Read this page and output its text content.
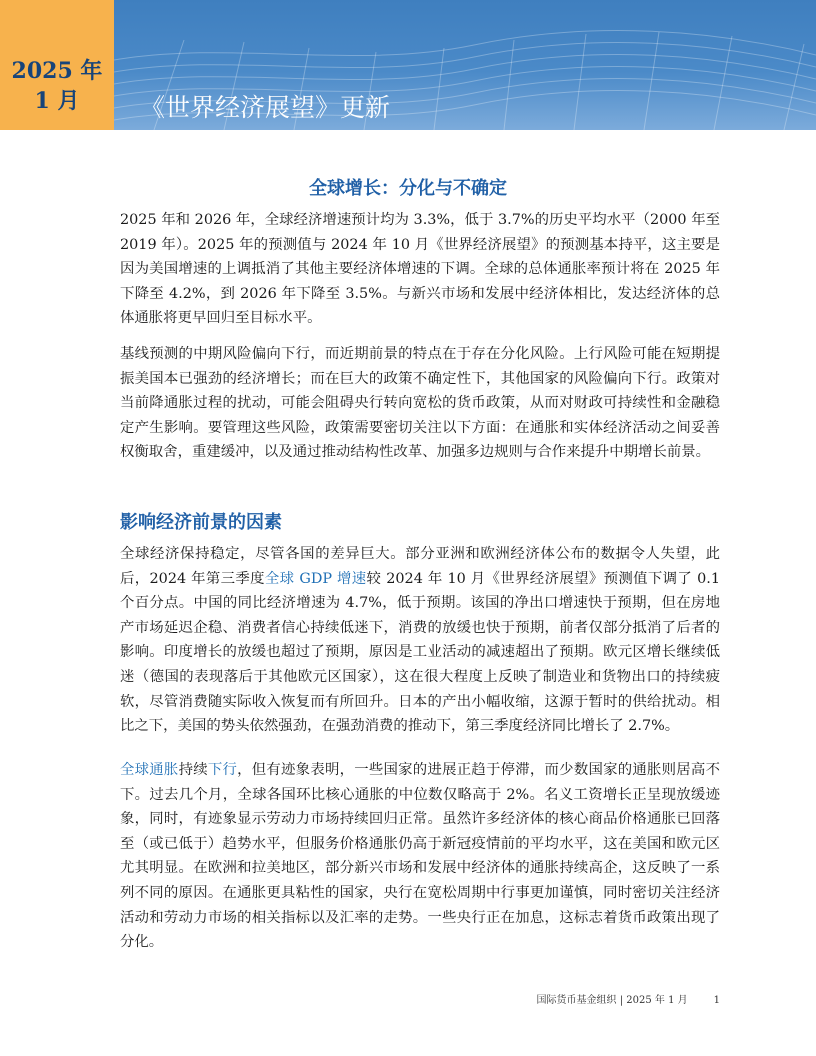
2025 年
1 月	《世界经济展望》更新
全球增长：分化与不确定

2025 年和 2026 年，全球经济增速预计均为 3.3%，低于 3.7%的历史平均水平（2000 年至 2019 年）。2025 年的预测值与 2024 年 10 月《世界经济展望》的预测基本持平，这主要是因为美国增速的上调抵消了其他主要经济体增速的下调。全球的总体通胀率预计将在 2025 年下降至 4.2%，到 2026 年下降至 3.5%。与新兴市场和发展中经济体相比，发达经济体的总体通胀将更早回归至目标水平。

基线预测的中期风险偏向下行，而近期前景的特点在于存在分化风险。上行风险可能在短期提振美国本已强劲的经济增长；而在巨大的政策不确定性下，其他国家的风险偏向下行。政策对当前降通胀过程的扰动，可能会阻碍央行转向宽松的货币政策，从而对财政可持续性和金融稳定产生影响。要管理这些风险，政策需要密切关注以下方面：在通胀和实体经济活动之间妥善权衡取舍，重建缓冲，以及通过推动结构性改革、加强多边规则与合作来提升中期增长前景。

影响经济前景的因素

全球经济保持稳定，尽管各国的差异巨大。部分亚洲和欧洲经济体公布的数据令人失望，此后，2024 年第三季度全球 GDP 增速较 2024 年 10 月《世界经济展望》预测值下调了 0.1 个百分点。中国的同比经济增速为 4.7%，低于预期。该国的净出口增速快于预期，但在房地产市场延迟企稳、消费者信心持续低迷下，消费的放缓也快于预期，前者仅部分抵消了后者的影响。印度增长的放缓也超过了预期，原因是工业活动的减速超出了预期。欧元区增长继续低迷（德国的表现落后于其他欧元区国家），这在很大程度上反映了制造业和货物出口的持续疲软，尽管消费随实际收入恢复而有所回升。日本的产出小幅收缩，这源于暂时的供给扰动。相比之下，美国的势头依然强劲，在强劲消费的推动下，第三季度经济同比增长了 2.7%。

全球通胀持续下行，但有迹象表明，一些国家的进展正趋于停滞，而少数国家的通胀则居高不下。过去几个月，全球各国环比核心通胀的中位数仅略高于 2%。名义工资增长正呈现放缓迹象，同时，有迹象显示劳动力市场持续回归正常。虽然许多经济体的核心商品价格通胀已回落至（或已低于）趋势水平，但服务价格通胀仍高于新冠疫情前的平均水平，这在美国和欧元区尤其明显。在欧洲和拉美地区，部分新兴市场和发展中经济体的通胀持续高企，这反映了一系列不同的原因。在通胀更具粘性的国家，央行在宽松周期中行事更加谨慎，同时密切关注经济活动和劳动力市场的相关指标以及汇率的走势。一些央行正在加息，这标志着货币政策出现了分化。

国际货币基金组织 | 2025 年 1 月	1
